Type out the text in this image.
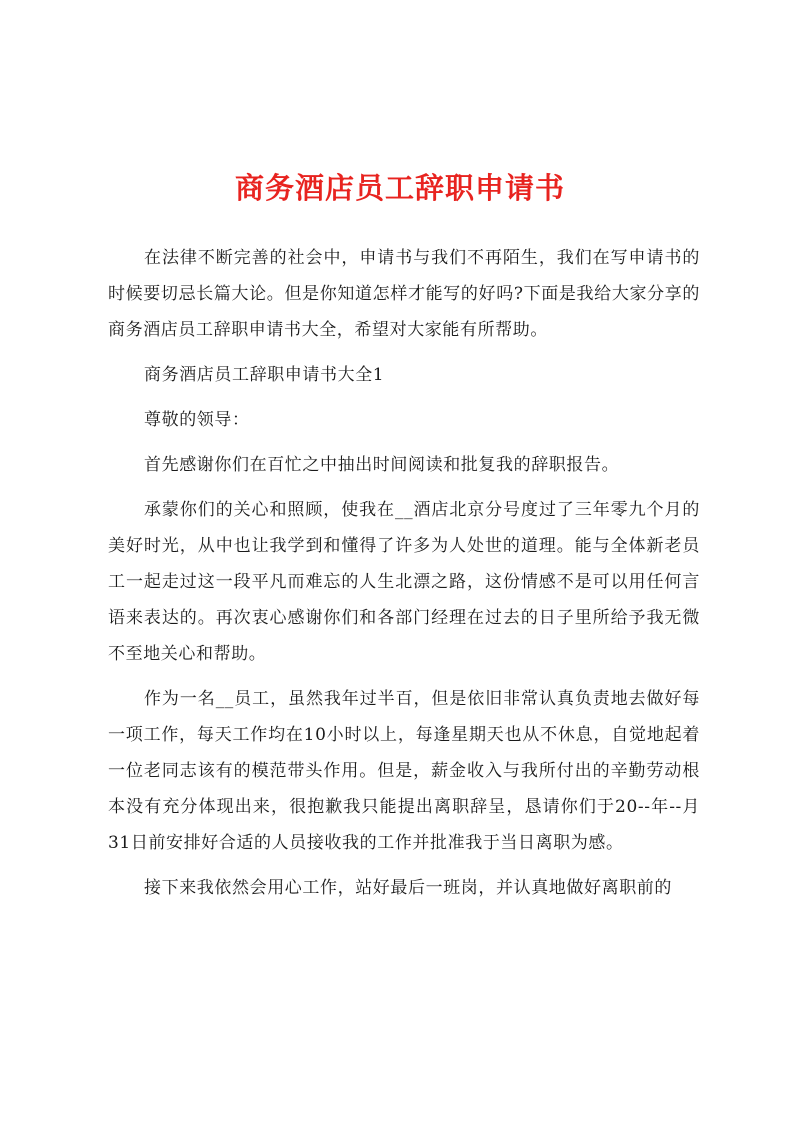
商务酒店员工辞职申请书

在法律不断完善的社会中，申请书与我们不再陌生，我们在写申请书的时候要切忌长篇大论。但是你知道怎样才能写的好吗?下面是我给大家分享的商务酒店员工辞职申请书大全，希望对大家能有所帮助。

商务酒店员工辞职申请书大全1

尊敬的领导：

首先感谢你们在百忙之中抽出时间阅读和批复我的辞职报告。

承蒙你们的关心和照顾，使我在__酒店北京分号度过了三年零九个月的美好时光，从中也让我学到和懂得了许多为人处世的道理。能与全体新老员工一起走过这一段平凡而难忘的人生北漂之路，这份情感不是可以用任何言语来表达的。再次衷心感谢你们和各部门经理在过去的日子里所给予我无微不至地关心和帮助。

作为一名__员工，虽然我年过半百，但是依旧非常认真负责地去做好每一项工作，每天工作均在10小时以上，每逢星期天也从不休息，自觉地起着一位老同志该有的模范带头作用。但是，薪金收入与我所付出的辛勤劳动根本没有充分体现出来，很抱歉我只能提出离职辞呈，恳请你们于20--年--月31日前安排好合适的人员接收我的工作并批准我于当日离职为感。

接下来我依然会用心工作，站好最后一班岗，并认真地做好离职前的
